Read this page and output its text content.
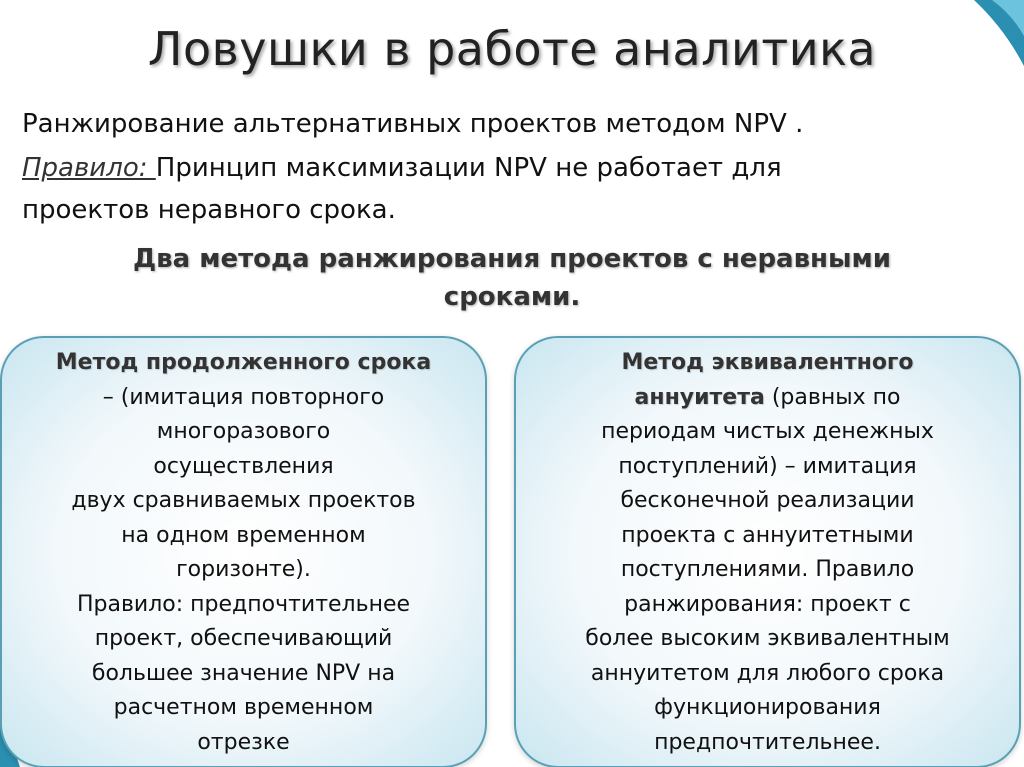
Ловушки в работе аналитика
Ранжирование альтернативных проектов методом NPV .
Правило: Принцип максимизации NPV не работает для
проектов неравного срока.
Два метода ранжирования проектов с неравными
сроками.
Метод продолженного срока
– (имитация повторного
многоразового
осуществления
двух сравниваемых проектов
на одном временном
горизонте).
Правило: предпочтительнее
проект, обеспечивающий
большее значение NPV на
расчетном временном
отрезке
Метод эквивалентного
аннуитета (равных по
периодам чистых денежных
поступлений) – имитация
бесконечной реализации
проекта с аннуитетными
поступлениями. Правило
ранжирования: проект с
более высоким эквивалентным
аннуитетом для любого срока
функционирования
предпочтительнее.
